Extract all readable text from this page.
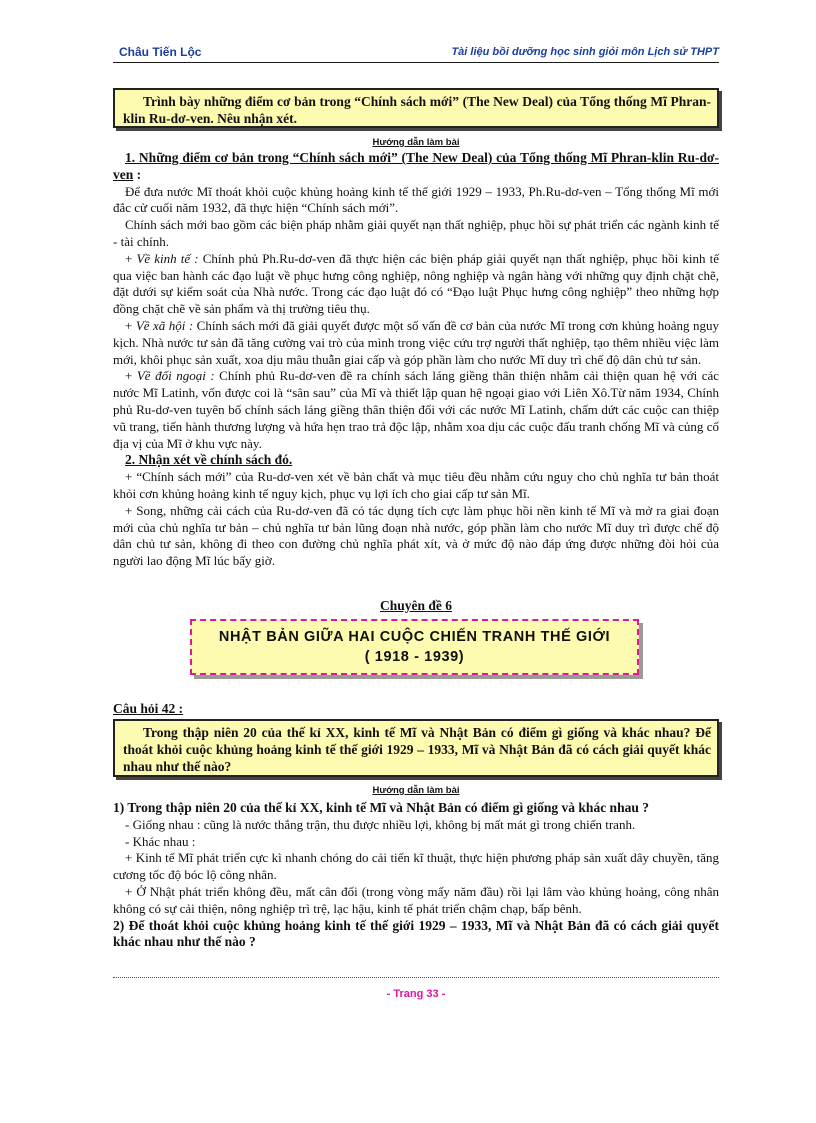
Châu Tiến Lộc	Tài liệu bồi dưỡng học sinh giỏi môn Lịch sử THPT
Trình bày những điểm cơ bản trong “Chính sách mới” (The New Deal) của Tổng thống Mĩ Phran-klin Ru-dơ-ven. Nêu nhận xét.
Hướng dẫn làm bài

1. Những điểm cơ bản trong “Chính sách mới” (The New Deal) của Tổng thống Mĩ Phran-klin Ru-dơ-ven :

Để đưa nước Mĩ thoát khỏi cuộc khủng hoảng kinh tế thế giới 1929 – 1933, Ph.Ru-dơ-ven – Tổng thống Mĩ mới đắc cử cuối năm 1932, đã thực hiện “Chính sách mới”.

Chính sách mới bao gồm các biện pháp nhằm giải quyết nạn thất nghiệp, phục hồi sự phát triển các ngành kinh tế - tài chính.

+ Về kinh tế : Chính phủ Ph.Ru-dơ-ven đã thực hiện các biện pháp giải quyết nạn thất nghiệp, phục hồi kinh tế qua việc ban hành các đạo luật về phục hưng công nghiệp, nông nghiệp và ngân hàng với những quy định chặt chẽ, đặt dưới sự kiểm soát của Nhà nước. Trong các đạo luật đó có “Đạo luật Phục hưng công nghiệp” theo những hợp đồng chặt chẽ về sản phẩm và thị trường tiêu thụ.

+ Về xã hội : Chính sách mới đã giải quyết được một số vấn đề cơ bản của nước Mĩ trong cơn khủng hoảng nguy kịch. Nhà nước tư sản đã tăng cường vai trò của mình trong việc cứu trợ người thất nghiệp, tạo thêm nhiều việc làm mới, khôi phục sản xuất, xoa dịu mâu thuẫn giai cấp và góp phần làm cho nước Mĩ duy trì chế độ dân chủ tư sản.

+ Về đối ngoại : Chính phủ Ru-dơ-ven đề ra chính sách láng giềng thân thiện nhằm cải thiện quan hệ với các nước Mĩ Latinh, vốn được coi là “sân sau” của Mĩ và thiết lập quan hệ ngoại giao với Liên Xô.Từ năm 1934, Chính phủ Ru-dơ-ven tuyên bố chính sách láng giềng thân thiện đối với các nước Mĩ Latinh, chấm dứt các cuộc can thiệp vũ trang, tiến hành thương lượng và hứa hẹn trao trả độc lập, nhằm xoa dịu các cuộc đấu tranh chống Mĩ và củng cố địa vị của Mĩ ở khu vực này.

2. Nhận xét về chính sách đó.

+ “Chính sách mới” của Ru-dơ-ven xét về bản chất và mục tiêu đều nhằm cứu nguy cho chủ nghĩa tư bản thoát khỏi cơn khủng hoảng kinh tế nguy kịch, phục vụ lợi ích cho giai cấp tư sản Mĩ.

+ Song, những cải cách của Ru-dơ-ven đã có tác dụng tích cực làm phục hồi nền kinh tế Mĩ và mở ra giai đoạn mới của chủ nghĩa tư bản – chủ nghĩa tư bản lũng đoạn nhà nước, góp phần làm cho nước Mĩ duy trì được chế độ dân chủ tư sản, không đi theo con đường chủ nghĩa phát xít, và ở mức độ nào đáp ứng được những đòi hỏi của người lao động Mĩ lúc bấy giờ.

Chuyên đề 6
NHẬT BẢN GIỮA HAI CUỘC CHIẾN TRANH THẾ GIỚI
( 1918 - 1939)
Câu hỏi 42 :
Trong thập niên 20 của thế kỉ XX, kinh tế Mĩ và Nhật Bản có điểm gì giống và khác nhau? Để thoát khỏi cuộc khủng hoảng kinh tế thế giới 1929 – 1933, Mĩ và Nhật Bản đã có cách giải quyết khác nhau như thế nào?
Hướng dẫn làm bài

1) Trong thập niên 20 của thế kỉ XX, kinh tế Mĩ và Nhật Bản có điểm gì giống và khác nhau ?

- Giống nhau : cũng là nước thắng trận, thu được nhiều lợi, không bị mất mát gì trong chiến tranh.

- Khác nhau :

+ Kinh tế Mĩ phát triển cực kì nhanh chóng do cải tiến kĩ thuật, thực hiện phương pháp sản xuất dây chuyền, tăng cương tốc độ bóc lộ công nhân.

+ Ở Nhật phát triển không đều, mất cân đối (trong vòng mấy năm đầu) rồi lại lâm vào khủng hoảng, công nhân không có sự cải thiện, nông nghiệp trì trệ, lạc hậu, kinh tế phát triển chậm chạp, bấp bênh.

2) Để thoát khỏi cuộc khủng hoảng kinh tế thế giới 1929 – 1933, Mĩ và Nhật Bản đã có cách giải quyết khác nhau như thế nào ?

- Trang 33 -
